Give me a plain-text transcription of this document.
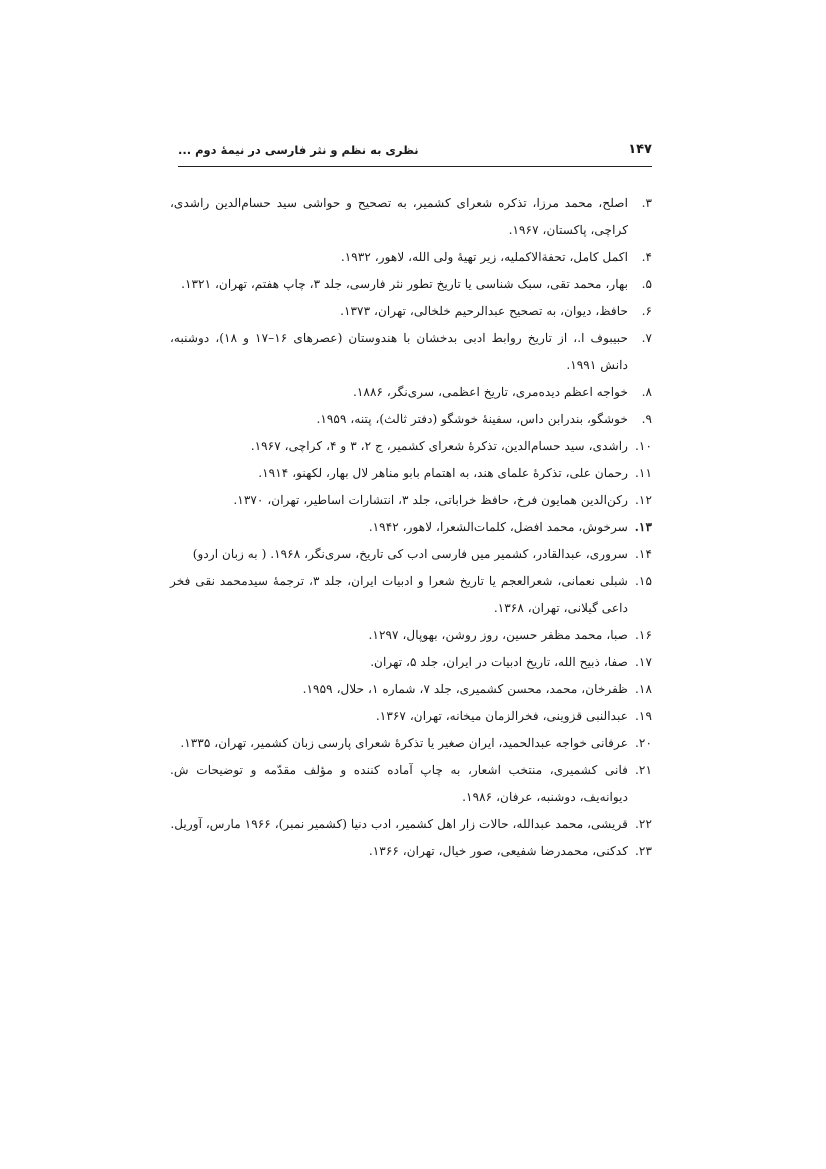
۱۴۷
نظری به نظم و نثر فارسی در نیمهٔ دوم ...
۳.
اصلح، محمد مرزا، تذکره شعرای کشمیر، به تصحیح و حواشی سید حسام‌الدین راشدی، کراچی، پاکستان، ۱۹۶۷.
۴.
اکمل کامل، تحفةالاکملیه، زیر تهیهٔ ولی الله، لاهور، ۱۹۳۲.
۵.
بهار، محمد تقی، سبک شناسی یا تاریخ تطور نثر فارسی، جلد ۳، چاپ هفتم، تهران، ۱۳۲۱.
۶.
حافظ، دیوان، به تصحیح عبدالرحیم خلخالی، تهران، ۱۳۷۳.
۷.
حبیبوف ا.، از تاریخ روابط ادبی بدخشان با هندوستان (عصرهای ۱۶–۱۷ و ۱۸)، دوشنبه، دانش ۱۹۹۱.
۸.
خواجه اعظم دیده‌مری، تاریخ اعظمی، سری‌نگر، ۱۸۸۶.
۹.
خوشگو، بندرابن داس، سفینهٔ خوشگو (دفتر ثالث)، پتنه، ۱۹۵۹.
۱۰.
راشدی، سید حسام‌الدین، تذکرهٔ شعرای کشمیر، ج ۲، ۳ و ۴، کراچی، ۱۹۶۷.
۱۱.
رحمان علی، تذکرهٔ علمای هند، به اهتمام بابو مناهر لال بهار، لکهنو، ۱۹۱۴.
۱۲.
رکن‌الدین همایون فرخ، حافظ خراباتی، جلد ۳، انتشارات اساطیر، تهران، ۱۳۷۰.
۱۳.
سرخوش، محمد افضل، کلمات‌الشعرا، لاهور، ۱۹۴۲.
۱۴.
سروری، عبدالقادر، کشمیر میں فارسی ادب کی تاریخ، سری‌نگر، ۱۹۶۸. ( به زبان اردو)
۱۵.
شبلی نعمانی، شعرالعجم یا تاریخ شعرا و ادبیات ایران، جلد ۳، ترجمهٔ سیدمحمد نقی فخر داعی گیلانی، تهران، ۱۳۶۸.
۱۶.
صبا، محمد مظفر حسین، روز روشن، بهوپال، ۱۲۹۷.
۱۷.
صفا، ذبیح الله، تاریخ ادبیات در ایران، جلد ۵، تهران.
۱۸.
ظفرخان، محمد، محسن کشمیری، جلد ۷، شماره ۱، حلال، ۱۹۵۹.
۱۹.
عبدالنبی قزوینی، فخرالزمان میخانه، تهران، ۱۳۶۷.
۲۰.
عرفانی خواجه عبدالحمید، ایران صغیر یا تذکرهٔ شعرای پارسی زبان کشمیر، تهران، ۱۳۳۵.
۲۱.
فانی کشمیری، منتخب اشعار، به چاپ آماده کننده و مؤلف مقدّمه و توضیحات ش. دیوانه‌یف، دوشنبه، عرفان، ۱۹۸۶.
۲۲.
قریشی، محمد عبدالله، حالات زار اهل کشمیر، ادب دنیا (کشمیر نمبر)، ۱۹۶۶ مارس، آوریل.
۲۳.
کدکنی، محمدرضا شفیعی، صور خیال، تهران، ۱۳۶۶.
